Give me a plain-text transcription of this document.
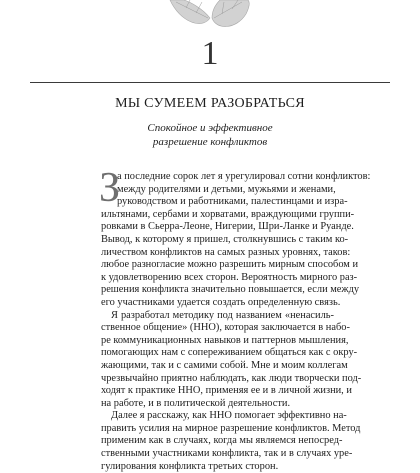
1
МЫ СУМЕЕМ РАЗОБРАТЬСЯ
Спокойное и эффективное
разрешение конфликтов
З
а последние сорок лет я урегулировал сотни конфликтов:
между родителями и детьми, мужьями и женами,
руководством и работниками, палестинцами и изра-
ильтянами, сербами и хорватами, враждующими группи-
ровками в Сьерра-Леоне, Нигерии, Шри-Ланке и Руанде.
Вывод, к которому я пришел, столкнувшись с таким ко-
личеством конфликтов на самых разных уровнях, таков:
любое разногласие можно разрешить мирным способом и
к удовлетворению всех сторон. Вероятность мирного раз-
решения конфликта значительно повышается, если между
его участниками удается создать определенную связь.
Я разработал методику под названием «ненасиль-
ственное общение» (ННО), которая заключается в набо-
ре коммуникационных навыков и паттернов мышления,
помогающих нам с сопереживанием общаться как с окру-
жающими, так и с самими собой. Мне и моим коллегам
чрезвычайно приятно наблюдать, как люди творчески под-
ходят к практике ННО, применяя ее и в личной жизни, и
на работе, и в политической деятельности.
Далее я расскажу, как ННО помогает эффективно на-
править усилия на мирное разрешение конфликтов. Метод
применим как в случаях, когда мы являемся непосред-
ственными участниками конфликта, так и в случаях уре-
гулирования конфликта третьих сторон.
